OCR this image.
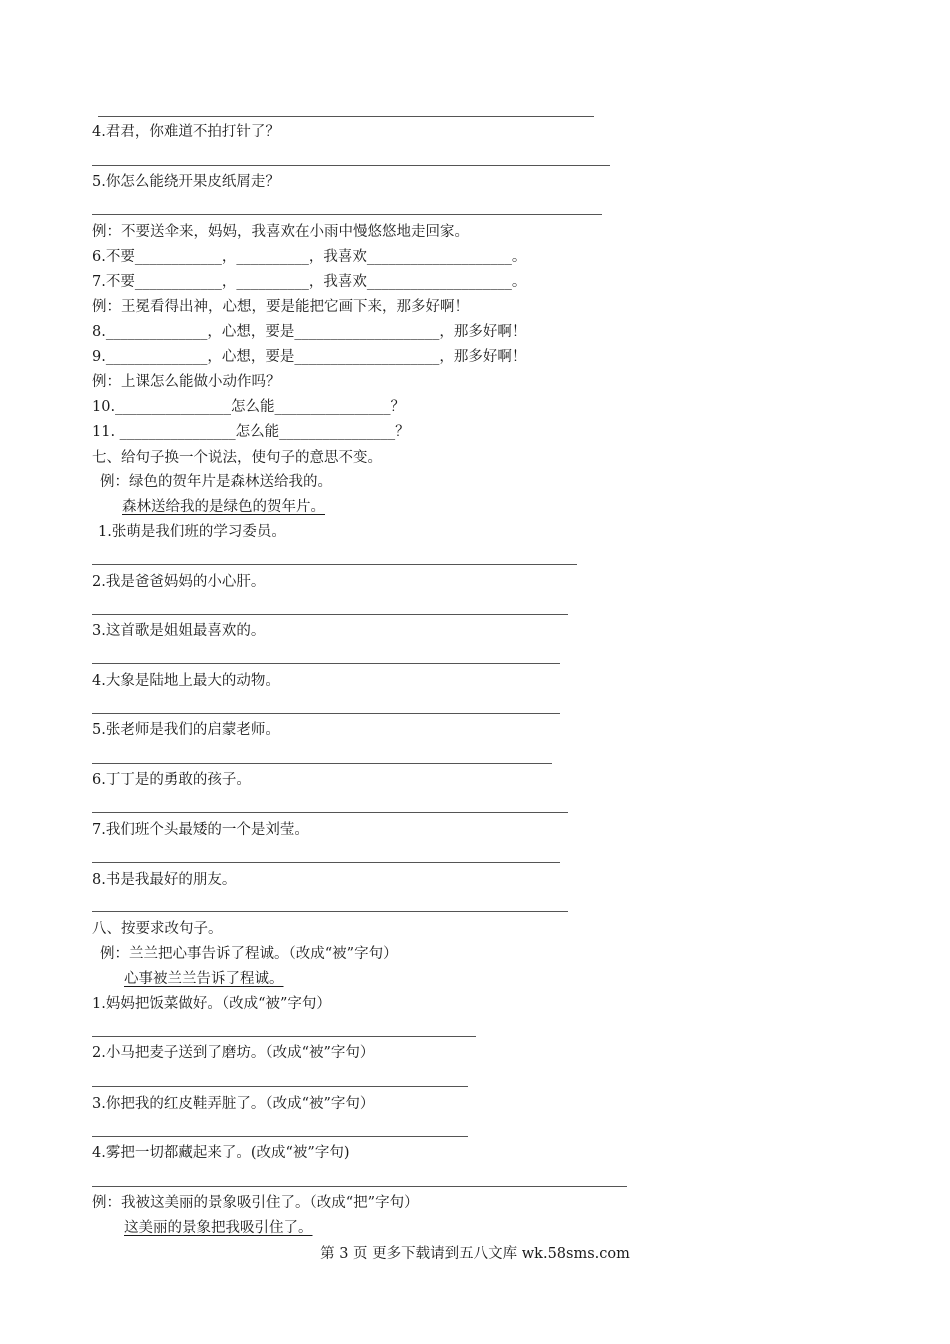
4.君君，你难道不拍打针了？
5.你怎么能绕开果皮纸屑走？
例：不要送伞来，妈妈，我喜欢在小雨中慢悠悠地走回家。
6.不要____________，__________，我喜欢____________________。
7.不要____________，__________，我喜欢____________________。
例：王冕看得出神，心想，要是能把它画下来，那多好啊！
8.______________，心想，要是____________________，那多好啊！
9.______________，心想，要是____________________，那多好啊！
例：上课怎么能做小动作吗？
10.________________怎么能________________？
11. ________________怎么能________________？
七、给句子换一个说法，使句子的意思不变。
例：绿色的贺年片是森林送给我的。
森林送给我的是绿色的贺年片。
1.张萌是我们班的学习委员。
2.我是爸爸妈妈的小心肝。
3.这首歌是姐姐最喜欢的。
4.大象是陆地上最大的动物。
5.张老师是我们的启蒙老师。
6.丁丁是的勇敢的孩子。
7.我们班个头最矮的一个是刘莹。
8.书是我最好的朋友。
八、按要求改句子。
例：兰兰把心事告诉了程诚。（改成“被”字句）
心事被兰兰告诉了程诚。
1.妈妈把饭菜做好。（改成“被”字句）
2.小马把麦子送到了磨坊。（改成“被”字句）
3.你把我的红皮鞋弄脏了。（改成“被”字句）
4.雾把一切都藏起来了。(改成“被”字句)
例：我被这美丽的景象吸引住了。（改成“把”字句）
这美丽的景象把我吸引住了。
第 3 页 更多下载请到五八文库 wk.58sms.com
